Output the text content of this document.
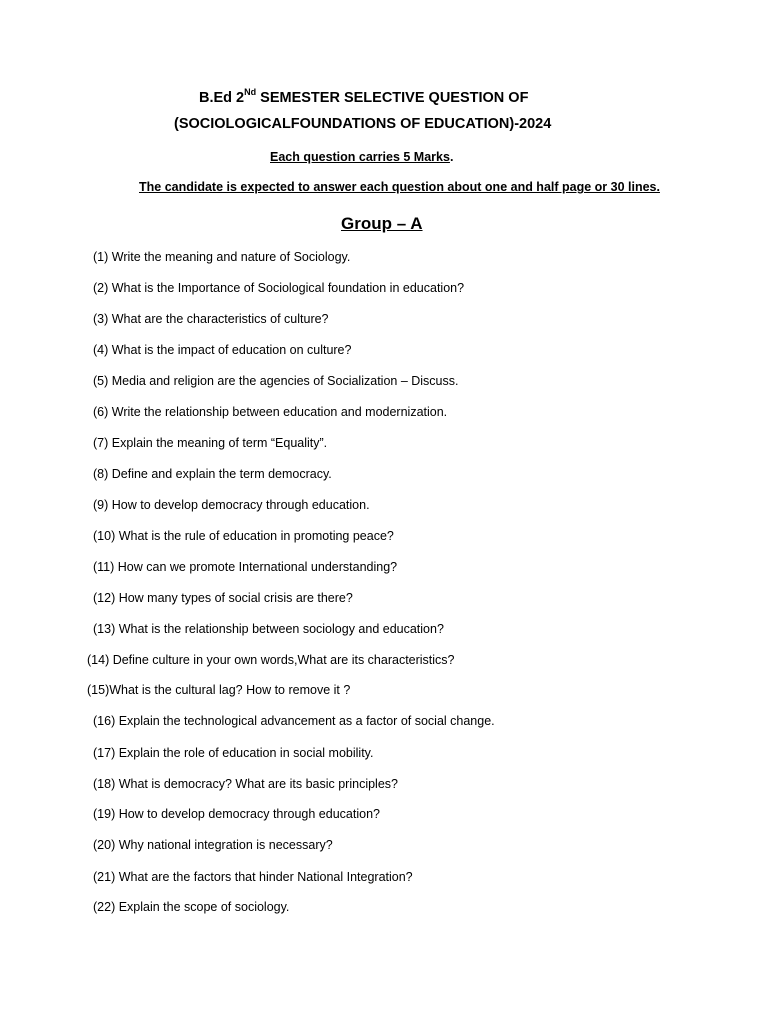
B.Ed 2Nd SEMESTER SELECTIVE QUESTION OF
(SOCIOLOGICALFOUNDATIONS OF EDUCATION)-2024
Each question carries 5 Marks.
The candidate is expected to answer each question about one and half page or 30 lines.
Group – A
(1) Write the meaning and nature of Sociology.
(2) What is the Importance of Sociological foundation in education?
(3) What are the characteristics of culture?
(4) What is the impact of education on culture?
(5) Media and religion are the agencies of Socialization – Discuss.
(6) Write the relationship between education and modernization.
(7) Explain the meaning of term “Equality”.
(8) Define and explain the term democracy.
(9) How to develop democracy through education.
(10) What is the rule of education in promoting peace?
(11) How can we promote International understanding?
(12) How many types of social crisis are there?
(13) What is the relationship between sociology and education?
(14) Define culture in your own words,What are its characteristics?
(15)What is the cultural lag? How to remove it ?
(16) Explain the technological advancement as a factor of social change.
(17) Explain the role of education in social mobility.
(18) What is democracy? What are its basic principles?
(19) How to develop democracy through education?
(20) Why national integration is necessary?
(21) What are the factors that hinder National Integration?
(22) Explain the scope of sociology.
